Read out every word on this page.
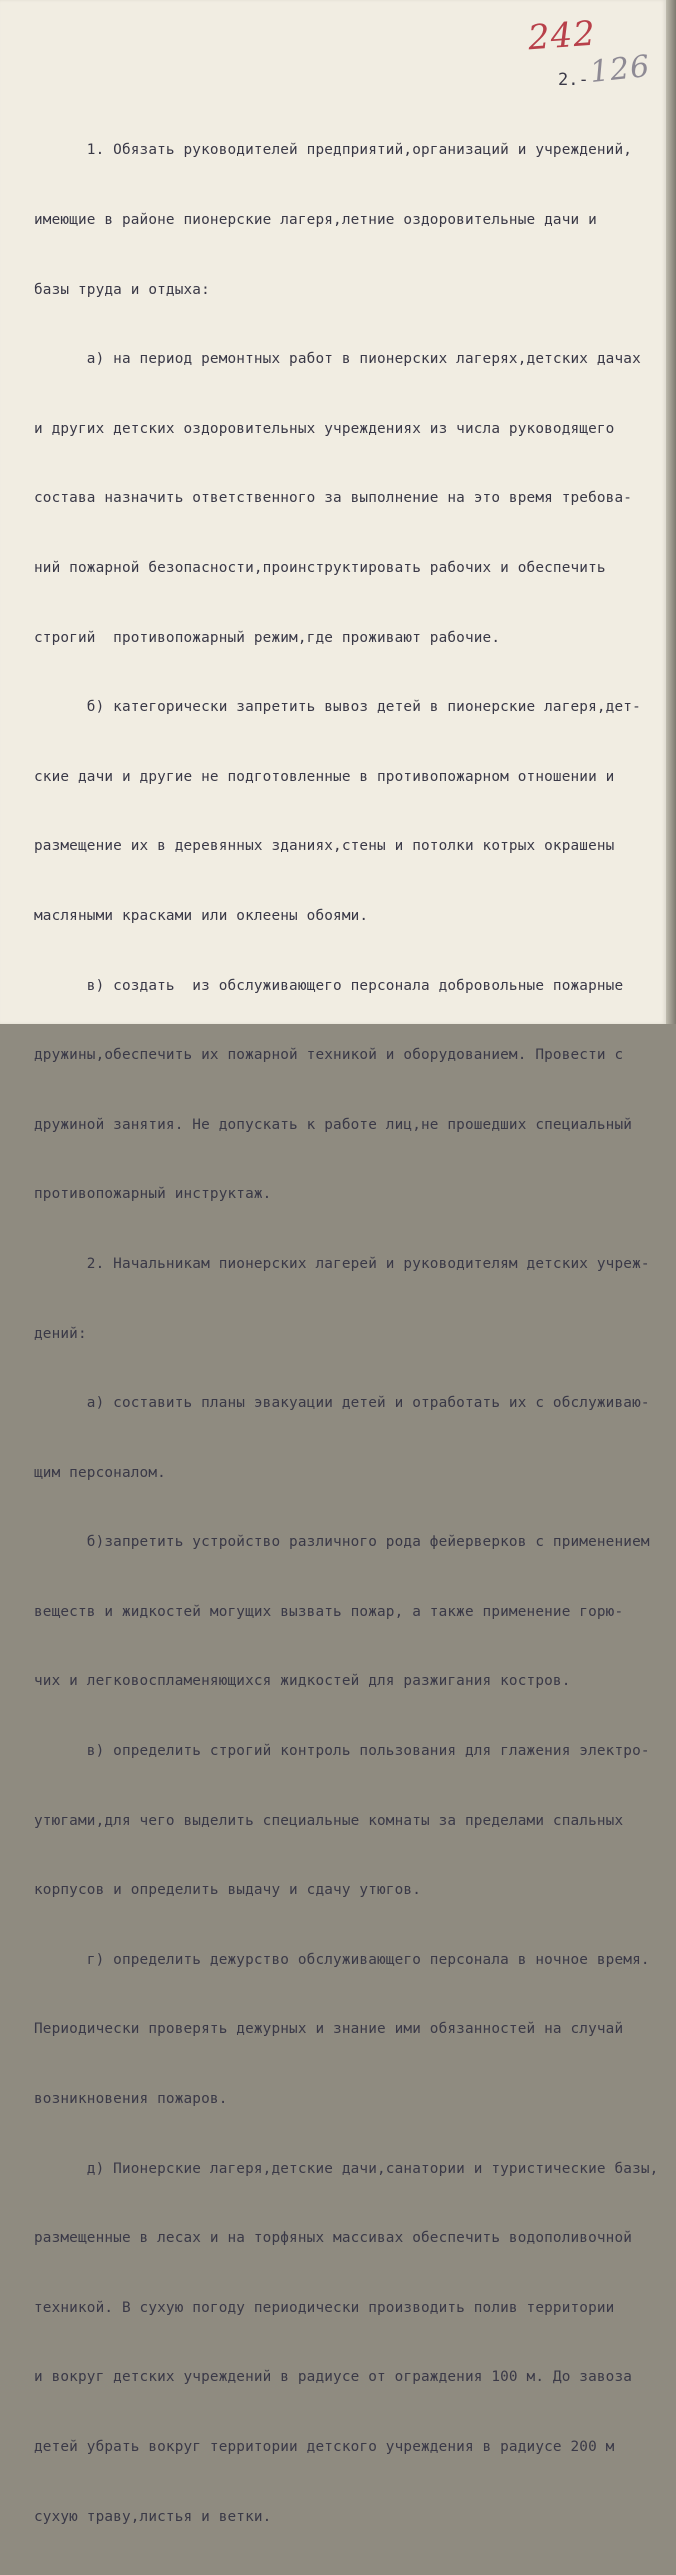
242
126
2.-

1. Обязать руководителей предприятий,организаций и учреждений,

имеющие в районе пионерские лагеря,летние оздоровительные дачи и

базы труда и отдыха:

а) на период ремонтных работ в пионерских лагерях,детских дачах

и других детских оздоровительных учреждениях из числа руководящего

состава назначить ответственного за выполнение на это время требова-

ний пожарной безопасности,проинструктировать рабочих и обеспечить

строгий  противопожарный режим,где проживают рабочие.

б) категорически запретить вывоз детей в пионерские лагеря,дет-

ские дачи и другие не подготовленные в противопожарном отношении и

размещение их в деревянных зданиях,стены и потолки котрых окрашены

масляными красками или оклеены обоями.

в) создать  из обслуживающего персонала добровольные пожарные

дружины,обеспечить их пожарной техникой и оборудованием. Провести с

дружиной занятия. Не допускать к работе лиц,не прошедших специальный

противопожарный инструктаж.

2. Начальникам пионерских лагерей и руководителям детских учреж-

дений:

а) составить планы эвакуации детей и отработать их с обслуживаю-

щим персоналом.

б)запретить устройство различного рода фейерверков с применением

веществ и жидкостей могущих вызвать пожар, а также применение горю-

чих и легковоспламеняющихся жидкостей для разжигания костров.

в) определить строгий контроль пользования для глажения электро-

утюгами,для чего выделить специальные комнаты за пределами спальных

корпусов и определить выдачу и сдачу утюгов.

г) определить дежурство обслуживающего персонала в ночное время.

Периодически проверять дежурных и знание ими обязанностей на случай

возникновения пожаров.

д) Пионерские лагеря,детские дачи,санатории и туристические базы,

размещенные в лесах и на торфяных массивах обеспечить водополивочной

техникой. В сухую погоду периодически производить полив территории

и вокруг детских учреждений в радиусе от ограждения 100 м. До завоза

детей убрать вокруг территории детского учреждения в радиусе 200 м

сухую траву,листья и ветки.
